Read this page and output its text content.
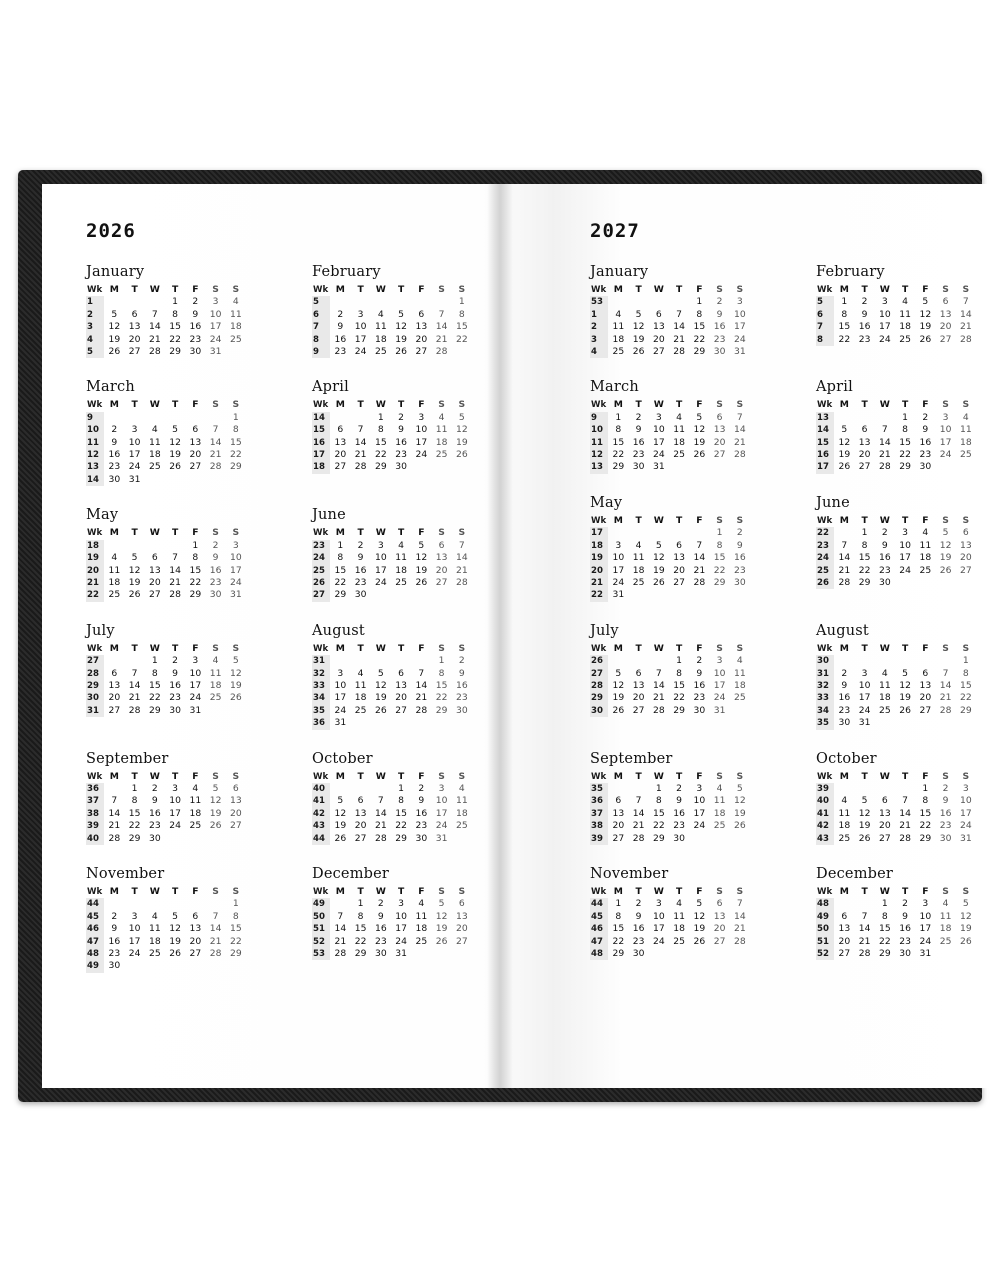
2026
January
Wk	M	T	W	T	F	S	S
1				1	2	3	4
2	5	6	7	8	9	10	11
3	12	13	14	15	16	17	18
4	19	20	21	22	23	24	25
5	26	27	28	29	30	31	
February
Wk	M	T	W	T	F	S	S
5							1
6	2	3	4	5	6	7	8
7	9	10	11	12	13	14	15
8	16	17	18	19	20	21	22
9	23	24	25	26	27	28	
March
Wk	M	T	W	T	F	S	S
9							1
10	2	3	4	5	6	7	8
11	9	10	11	12	13	14	15
12	16	17	18	19	20	21	22
13	23	24	25	26	27	28	29
14	30	31					
April
Wk	M	T	W	T	F	S	S
14			1	2	3	4	5
15	6	7	8	9	10	11	12
16	13	14	15	16	17	18	19
17	20	21	22	23	24	25	26
18	27	28	29	30			
May
Wk	M	T	W	T	F	S	S
18					1	2	3
19	4	5	6	7	8	9	10
20	11	12	13	14	15	16	17
21	18	19	20	21	22	23	24
22	25	26	27	28	29	30	31
June
Wk	M	T	W	T	F	S	S
23	1	2	3	4	5	6	7
24	8	9	10	11	12	13	14
25	15	16	17	18	19	20	21
26	22	23	24	25	26	27	28
27	29	30					
July
Wk	M	T	W	T	F	S	S
27			1	2	3	4	5
28	6	7	8	9	10	11	12
29	13	14	15	16	17	18	19
30	20	21	22	23	24	25	26
31	27	28	29	30	31		
August
Wk	M	T	W	T	F	S	S
31						1	2
32	3	4	5	6	7	8	9
33	10	11	12	13	14	15	16
34	17	18	19	20	21	22	23
35	24	25	26	27	28	29	30
36	31						
September
Wk	M	T	W	T	F	S	S
36		1	2	3	4	5	6
37	7	8	9	10	11	12	13
38	14	15	16	17	18	19	20
39	21	22	23	24	25	26	27
40	28	29	30				
October
Wk	M	T	W	T	F	S	S
40				1	2	3	4
41	5	6	7	8	9	10	11
42	12	13	14	15	16	17	18
43	19	20	21	22	23	24	25
44	26	27	28	29	30	31	
November
Wk	M	T	W	T	F	S	S
44							1
45	2	3	4	5	6	7	8
46	9	10	11	12	13	14	15
47	16	17	18	19	20	21	22
48	23	24	25	26	27	28	29
49	30						
December
Wk	M	T	W	T	F	S	S
49		1	2	3	4	5	6
50	7	8	9	10	11	12	13
51	14	15	16	17	18	19	20
52	21	22	23	24	25	26	27
53	28	29	30	31			
2027
January
Wk	M	T	W	T	F	S	S
53					1	2	3
1	4	5	6	7	8	9	10
2	11	12	13	14	15	16	17
3	18	19	20	21	22	23	24
4	25	26	27	28	29	30	31
February
Wk	M	T	W	T	F	S	S
5	1	2	3	4	5	6	7
6	8	9	10	11	12	13	14
7	15	16	17	18	19	20	21
8	22	23	24	25	26	27	28
March
Wk	M	T	W	T	F	S	S
9	1	2	3	4	5	6	7
10	8	9	10	11	12	13	14
11	15	16	17	18	19	20	21
12	22	23	24	25	26	27	28
13	29	30	31				
April
Wk	M	T	W	T	F	S	S
13				1	2	3	4
14	5	6	7	8	9	10	11
15	12	13	14	15	16	17	18
16	19	20	21	22	23	24	25
17	26	27	28	29	30		
May
Wk	M	T	W	T	F	S	S
17						1	2
18	3	4	5	6	7	8	9
19	10	11	12	13	14	15	16
20	17	18	19	20	21	22	23
21	24	25	26	27	28	29	30
22	31						
June
Wk	M	T	W	T	F	S	S
22		1	2	3	4	5	6
23	7	8	9	10	11	12	13
24	14	15	16	17	18	19	20
25	21	22	23	24	25	26	27
26	28	29	30				
July
Wk	M	T	W	T	F	S	S
26				1	2	3	4
27	5	6	7	8	9	10	11
28	12	13	14	15	16	17	18
29	19	20	21	22	23	24	25
30	26	27	28	29	30	31	
August
Wk	M	T	W	T	F	S	S
30							1
31	2	3	4	5	6	7	8
32	9	10	11	12	13	14	15
33	16	17	18	19	20	21	22
34	23	24	25	26	27	28	29
35	30	31					
September
Wk	M	T	W	T	F	S	S
35			1	2	3	4	5
36	6	7	8	9	10	11	12
37	13	14	15	16	17	18	19
38	20	21	22	23	24	25	26
39	27	28	29	30			
October
Wk	M	T	W	T	F	S	S
39					1	2	3
40	4	5	6	7	8	9	10
41	11	12	13	14	15	16	17
42	18	19	20	21	22	23	24
43	25	26	27	28	29	30	31
November
Wk	M	T	W	T	F	S	S
44	1	2	3	4	5	6	7
45	8	9	10	11	12	13	14
46	15	16	17	18	19	20	21
47	22	23	24	25	26	27	28
48	29	30					
December
Wk	M	T	W	T	F	S	S
48			1	2	3	4	5
49	6	7	8	9	10	11	12
50	13	14	15	16	17	18	19
51	20	21	22	23	24	25	26
52	27	28	29	30	31		
